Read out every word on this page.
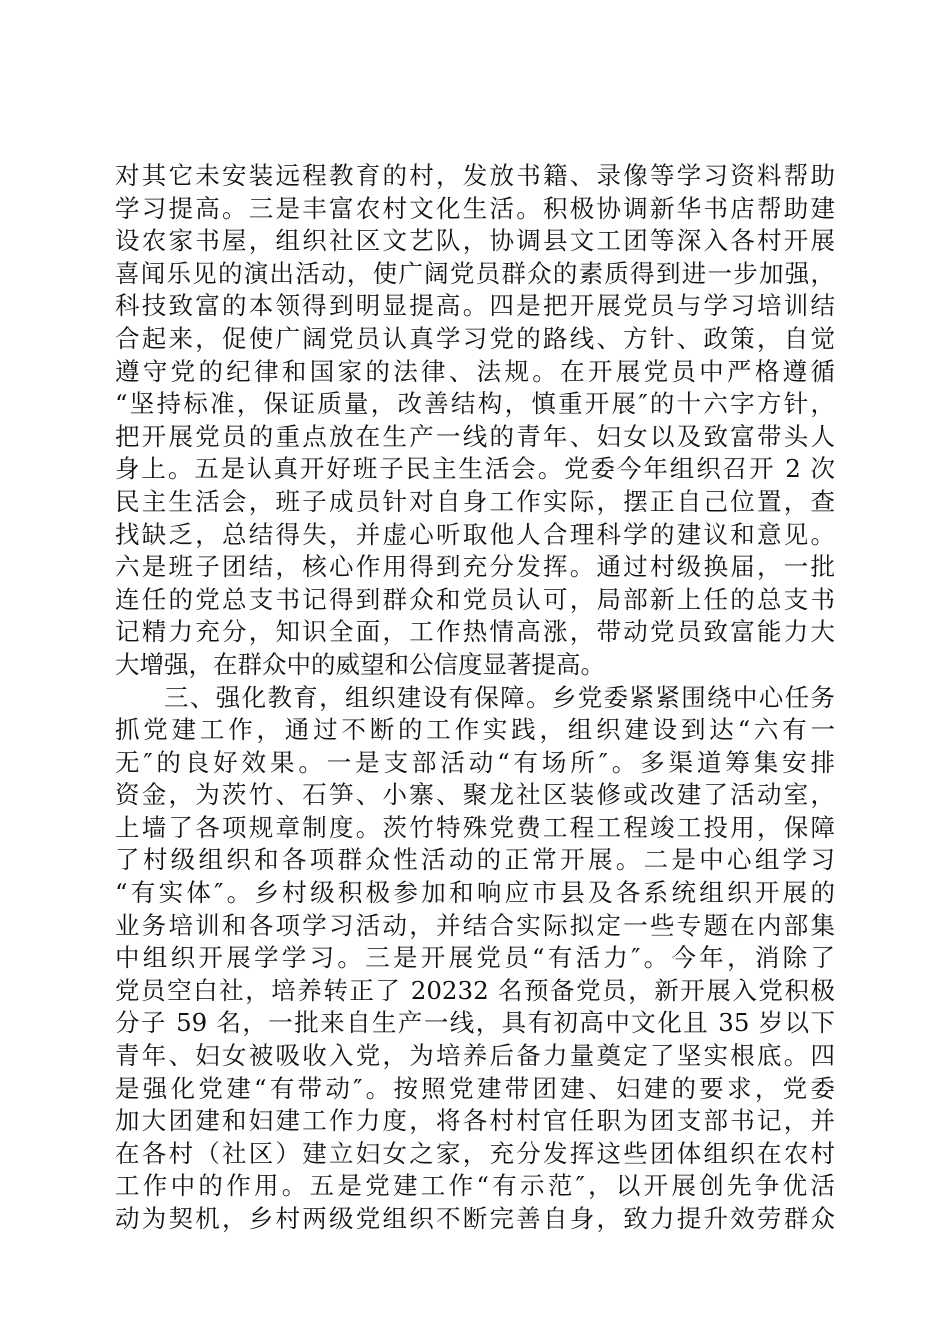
对其它未安装远程教育的村，发放书籍、录像等学习资料帮助
学习提高。三是丰富农村文化生活。积极协调新华书店帮助建
设农家书屋，组织社区文艺队，协调县文工团等深入各村开展
喜闻乐见的演出活动，使广阔党员群众的素质得到进一步加强，
科技致富的本领得到明显提高。四是把开展党员与学习培训结
合起来，促使广阔党员认真学习党的路线、方针、政策，自觉
遵守党的纪律和国家的法律、法规。在开展党员中严格遵循
“坚持标准，保证质量，改善结构，慎重开展″的十六字方针，
把开展党员的重点放在生产一线的青年、妇女以及致富带头人
身上。五是认真开好班子民主生活会。党委今年组织召开 2 次
民主生活会，班子成员针对自身工作实际，摆正自己位置，查
找缺乏，总结得失，并虚心听取他人合理科学的建议和意见。
六是班子团结，核心作用得到充分发挥。通过村级换届，一批
连任的党总支书记得到群众和党员认可，局部新上任的总支书
记精力充分，知识全面，工作热情高涨，带动党员致富能力大
大增强，在群众中的威望和公信度显著提高。
三、强化教育，组织建设有保障。乡党委紧紧围绕中心任务
抓党建工作，通过不断的工作实践，组织建设到达“六有一
无″的良好效果。一是支部活动“有场所″。多渠道筹集安排
资金，为茨竹、石笋、小寨、聚龙社区装修或改建了活动室，
上墙了各项规章制度。茨竹特殊党费工程工程竣工投用，保障
了村级组织和各项群众性活动的正常开展。二是中心组学习
“有实体″。乡村级积极参加和响应市县及各系统组织开展的
业务培训和各项学习活动，并结合实际拟定一些专题在内部集
中组织开展学学习。三是开展党员“有活力″。今年，消除了
党员空白社，培养转正了 20232 名预备党员，新开展入党积极
分子 59 名，一批来自生产一线，具有初高中文化且 35 岁以下
青年、妇女被吸收入党，为培养后备力量奠定了坚实根底。四
是强化党建“有带动″。按照党建带团建、妇建的要求，党委
加大团建和妇建工作力度，将各村村官任职为团支部书记，并
在各村（社区）建立妇女之家，充分发挥这些团体组织在农村
工作中的作用。五是党建工作“有示范″，以开展创先争优活
动为契机，乡村两级党组织不断完善自身，致力提升效劳群众
